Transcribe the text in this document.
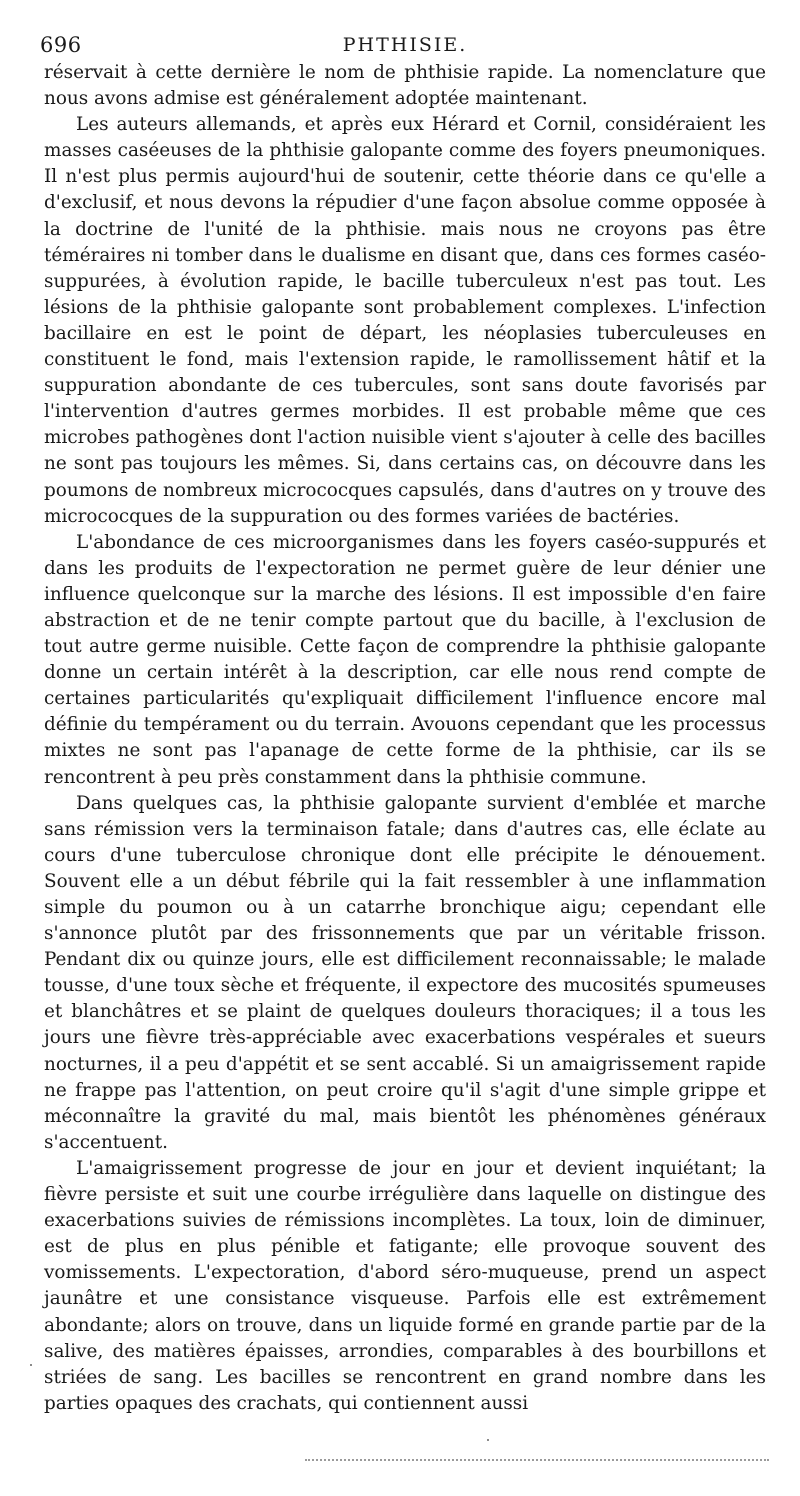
696	PHTHISIE.

réservait à cette dernière le nom de phthisie rapide. La nomenclature que nous avons admise est généralement adoptée maintenant.

Les auteurs allemands, et après eux Hérard et Cornil, considéraient les masses caséeuses de la phthisie galopante comme des foyers pneumoniques. Il n'est plus permis aujourd'hui de soutenir, cette théorie dans ce qu'elle a d'exclusif, et nous devons la répudier d'une façon absolue comme opposée à la doctrine de l'unité de la phthisie. mais nous ne croyons pas être téméraires ni tomber dans le dualisme en disant que, dans ces formes caséo-suppurées, à évolution rapide, le bacille tuberculeux n'est pas tout. Les lésions de la phthisie galopante sont probablement complexes. L'infection bacillaire en est le point de départ, les néoplasies tuberculeuses en constituent le fond, mais l'extension rapide, le ramollissement hâtif et la suppuration abondante de ces tubercules, sont sans doute favorisés par l'intervention d'autres germes morbides. Il est probable même que ces microbes pathogènes dont l'action nuisible vient s'ajouter à celle des bacilles ne sont pas toujours les mêmes. Si, dans certains cas, on découvre dans les poumons de nombreux micrococques capsulés, dans d'autres on y trouve des micrococques de la suppuration ou des formes variées de bactéries.

L'abondance de ces microorganismes dans les foyers caséo-suppurés et dans les produits de l'expectoration ne permet guère de leur dénier une influence quelconque sur la marche des lésions. Il est impossible d'en faire abstraction et de ne tenir compte partout que du bacille, à l'exclusion de tout autre germe nuisible. Cette façon de comprendre la phthisie galopante donne un certain intérêt à la description, car elle nous rend compte de certaines particularités qu'expliquait difficilement l'influence encore mal définie du tempérament ou du terrain. Avouons cependant que les processus mixtes ne sont pas l'apanage de cette forme de la phthisie, car ils se rencontrent à peu près constamment dans la phthisie commune.

Dans quelques cas, la phthisie galopante survient d'emblée et marche sans rémission vers la terminaison fatale; dans d'autres cas, elle éclate au cours d'une tuberculose chronique dont elle précipite le dénouement. Souvent elle a un début fébrile qui la fait ressembler à une inflammation simple du poumon ou à un catarrhe bronchique aigu; cependant elle s'annonce plutôt par des frissonnements que par un véritable frisson. Pendant dix ou quinze jours, elle est difficilement reconnaissable; le malade tousse, d'une toux sèche et fréquente, il expectore des mucosités spumeuses et blanchâtres et se plaint de quelques douleurs thoraciques; il a tous les jours une fièvre très-appréciable avec exacerbations vespérales et sueurs nocturnes, il a peu d'appétit et se sent accablé. Si un amaigrissement rapide ne frappe pas l'attention, on peut croire qu'il s'agit d'une simple grippe et méconnaître la gravité du mal, mais bientôt les phénomènes généraux s'accentuent.

L'amaigrissement progresse de jour en jour et devient inquiétant; la fièvre persiste et suit une courbe irrégulière dans laquelle on distingue des exacerbations suivies de rémissions incomplètes. La toux, loin de diminuer, est de plus en plus pénible et fatigante; elle provoque souvent des vomissements. L'expectoration, d'abord séro-muqueuse, prend un aspect jaunâtre et une consistance visqueuse. Parfois elle est extrêmement abondante; alors on trouve, dans un liquide formé en grande partie par de la salive, des matières épaisses, arrondies, comparables à des bourbillons et striées de sang. Les bacilles se rencontrent en grand nombre dans les parties opaques des crachats, qui contiennent aussi
